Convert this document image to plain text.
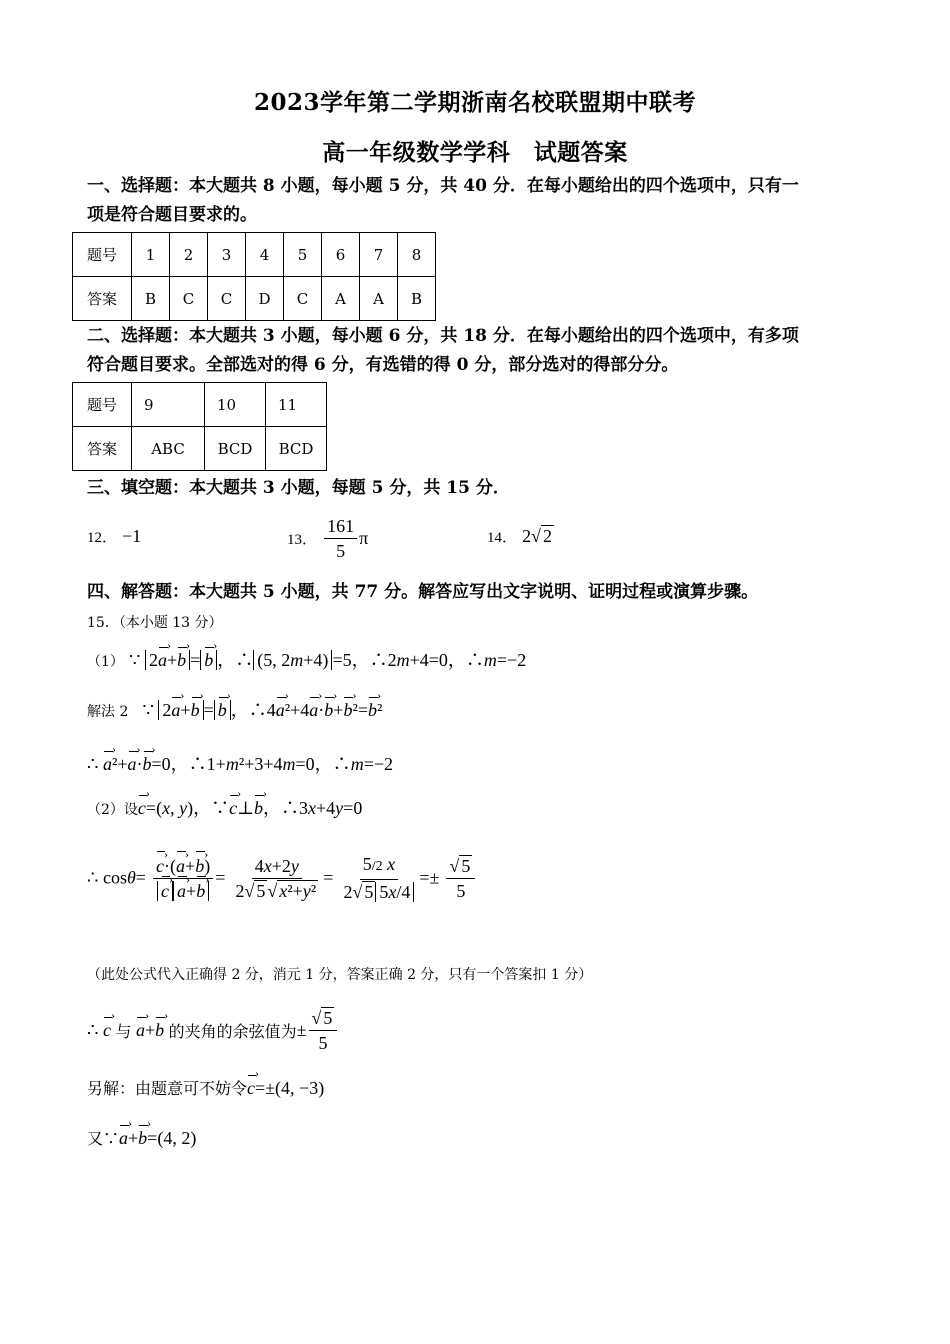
2023学年第二学期浙南名校联盟期中联考
高一年级数学学科　试题答案
一、选择题：本大题共 8 小题，每小题 5 分，共 40 分．在每小题给出的四个选项中，只有一
项是符合题目要求的。
题号	1	2	3	4	5	6	7	8
答案	B	C	C	D	C	A	A	B
二、选择题：本大题共 3 小题，每小题 6 分，共 18 分．在每小题给出的四个选项中，有多项
符合题目要求。全部选对的得 6 分，有选错的得 0 分，部分选对的得部分分。
题号	9	10	11
答案	ABC	BCD	BCD
三、填空题：本大题共 3 小题，每题 5 分，共 15 分．
12． −1	13． $\frac{161}{5}$ π	14． 2√ 2
四、解答题：本大题共 5 小题，共 77 分。解答应写出文字说明、证明过程或演算步骤。
15．（本小题 13 分）
（1） ∵ 2› a+› b = › b ，∴ (5, 2m+4) =5，∴2m+4=0，∴m=−2
解法 2   ∵ 2› a+› b = › b ，∴4› a²+4› a·› b+› b²=› b²
∴ › a²+› a·› b=0，∴1+m²+3+4m=0，∴m=−2
（2）设› c=(x, y)，∵› c⊥› b，∴3x+4y=0
∴ cosθ= › c·(› a+› b)
› c › a+› $b = \frac{4x+2y}{\text{2√ 5 √ x²+y²}} = \frac{5/2 x}{2√ 5 5x/4} =\pm \frac{√ 5}{5}$
（此处公式代入正确得 2 分，消元 1 分，答案正确 2 分，只有一个答案扣 1 分）
∴ › c 与 › a+› b 的夹角的余弦值为± $\frac{√ 5}{5}$
另解：由题意可不妨令› c=±(4, −3)
又∵› a+› b=(4, 2)
